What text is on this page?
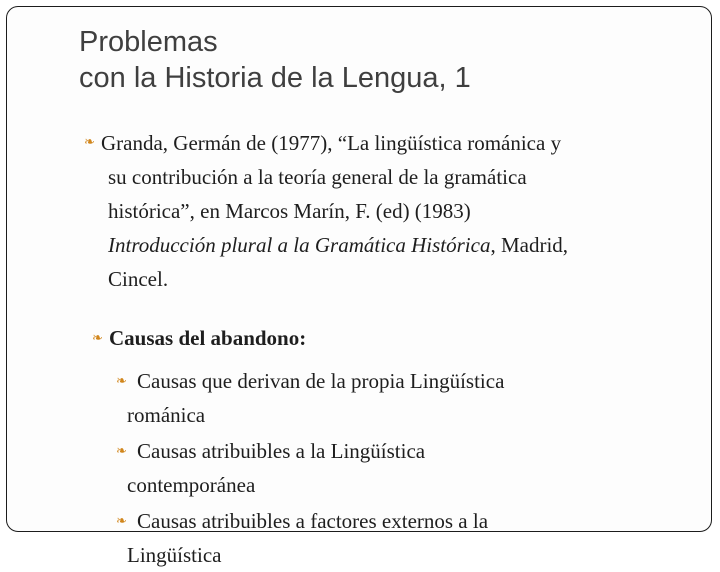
Problemas
con la Historia de la Lengua, 1
❧ Granda, Germán de (1977), “La lingüística románica y
su contribución a la teoría general de la gramática
histórica”, en Marcos Marín, F. (ed) (1983)
Introducción plural a la Gramática Histórica, Madrid,
Cincel.
❧ Causas del abandono:
❧ Causas que derivan de la propia Lingüística
románica
❧ Causas atribuibles a la Lingüística
contemporánea
❧ Causas atribuibles a factores externos a la
Lingüística
